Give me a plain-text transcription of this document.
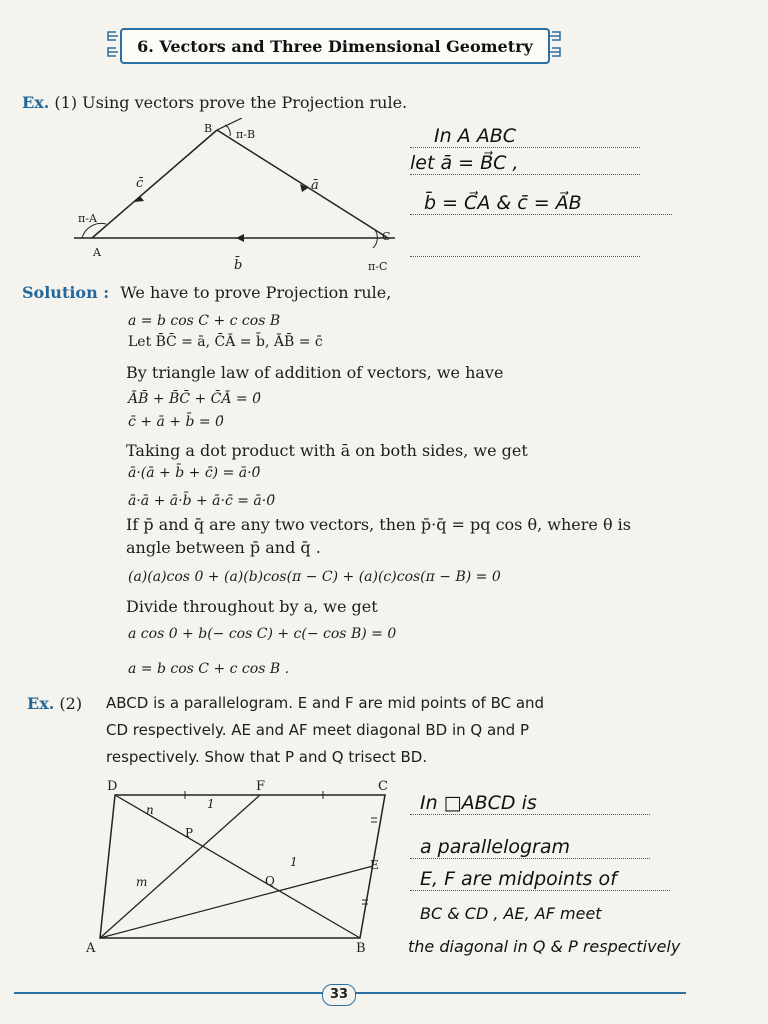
6. Vectors and Three Dimensional Geometry
Ex. (1) Using vectors prove the Projection rule.
B π-B
π-A
A
C
π-C
c̄	ā
b̄
In A ABC
let ā = B⃗C ,
b̄ = C⃗A & c̄ = A⃗B
Solution : We have to prove Projection rule,
a = b cos C + c cos B
Let B̄C̄ = ā, C̄Ā = b̄, ĀB̄ = c̄
By triangle law of addition of vectors, we have
ĀB̄ + B̄C̄ + C̄Ā = 0̄
c̄ + ā + b̄ = 0̄
Taking a dot product with ā on both sides, we get
ā·(ā + b̄ + c̄) = ā·0̄
ā·ā + ā·b̄ + ā·c̄ = ā·0̄
If p̄ and q̄ are any two vectors, then p̄·q̄ = pq cos θ, where θ is
angle between p̄ and q̄ .
(a)(a)cos 0 + (a)(b)cos(π − C) + (a)(c)cos(π − B) = 0
Divide throughout by a, we get
a cos 0 + b(− cos C) + c(− cos B) = 0
a = b cos C + c cos B .
Ex. (2) ABCD is a parallelogram. E and F are mid points of BC and
CD respectively. AE and AF meet diagonal BD in Q and P
respectively. Show that P and Q trisect BD.
D	F	C
n	1
P
1	E
m	Q
A	B
In □ABCD is
a parallelogram
E, F are midpoints of
BC & CD , AE, AF meet
the diagonal in Q & P respectively
33
